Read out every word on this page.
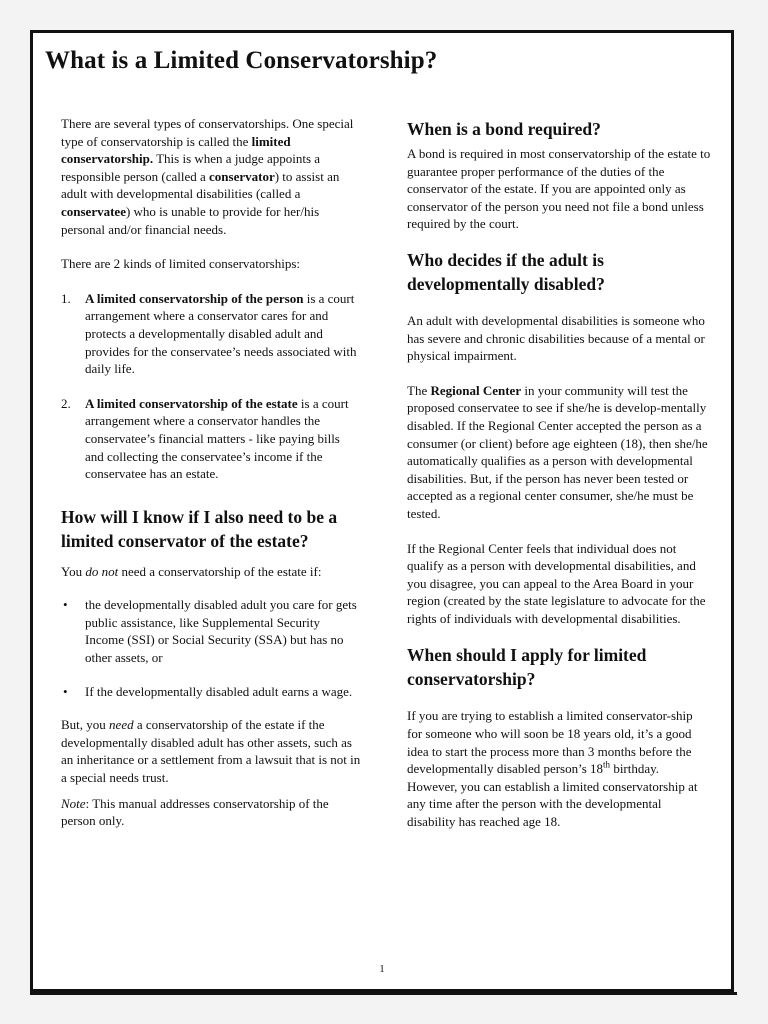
What is a Limited Conservatorship?

There are several types of conservatorships. One special type of conservatorship is called the limited conservatorship. This is when a judge appoints a responsible person (called a conservator) to assist an adult with developmental disabilities (called a conservatee) who is unable to provide for her/his personal and/or financial needs.

There are 2 kinds of limited conservatorships:

1. A limited conservatorship of the person is a court arrangement where a conservator cares for and protects a developmentally disabled adult and provides for the conservatee’s needs associated with daily life.
2. A limited conservatorship of the estate is a court arrangement where a conservator handles the conservatee’s financial matters - like paying bills and collecting the conservatee’s income if the conservatee has an estate.
How will I know if I also need to be a limited conservator of the estate?

You do not need a conservatorship of the estate if:

• the developmentally disabled adult you care for gets public assistance, like Supplemental Security Income (SSI) or Social Security (SSA) but has no other assets, or
• If the developmentally disabled adult earns a wage.

But, you need a conservatorship of the estate if the developmentally disabled adult has other assets, such as an inheritance or a settlement from a lawsuit that is not in a special needs trust.

Note: This manual addresses conservatorship of the person only.

When is a bond required?

A bond is required in most conservatorship of the estate to guarantee proper performance of the duties of the conservator of the estate. If you are appointed only as conservator of the person you need not file a bond unless required by the court.

Who decides if the adult is developmentally disabled?

An adult with developmental disabilities is someone who has severe and chronic disabilities because of a mental or physical impairment.

The Regional Center in your community will test the proposed conservatee to see if she/he is develop-mentally disabled. If the Regional Center accepted the person as a consumer (or client) before age eighteen (18), then she/he automatically qualifies as a person with developmental disabilities. But, if the person has never been tested or accepted as a regional center consumer, she/he must be tested.

If the Regional Center feels that individual does not qualify as a person with developmental disabilities, and you disagree, you can appeal to the Area Board in your region (created by the state legislature to advocate for the rights of individuals with developmental disabilities.

When should I apply for limited conservatorship?

If you are trying to establish a limited conservator-ship for someone who will soon be 18 years old, it’s a good idea to start the process more than 3 months before the developmentally disabled person’s 18th birthday. However, you can establish a limited conservatorship at any time after the person with the developmental disability has reached age 18.

1
